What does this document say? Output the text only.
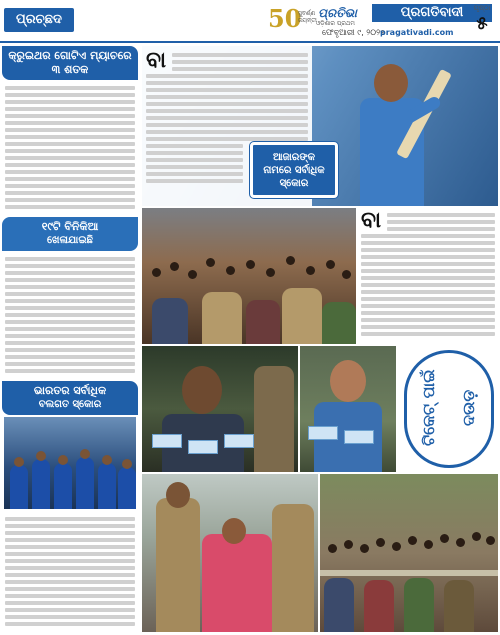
ପ୍ରଚ୍ଛଦ	50
ସୁବର୍ଣ୍ଣ ଜୟନ୍ତୀ
ପ୍ରତିଭା
ଓଡ଼ିଶାର ପ୍ରଥମ
ପ୍ରଗତିବାଦୀ
ଫେବୃଆରୀ ୯, ୨୦୨୫
pragativadi.com
ପୃଷ୍ଠା
୫
କ୍ରୁଇଥର ଗୋଟିଏ ମ୍ୟାଚରେ ୩ ଶତକ
୧୯ଟି ବିନିକିଆ
ଖେଳାଯାଇଛି
ଭାରତର ସର୍ବାଧିକ
ବଲଗତ ସ୍କୋର
ବା
ଆଜାରଙ୍କ
ନାମରେ ସର୍ବାଧିକ
ସ୍କୋର
ବା
ଟିକେଟ୍ ପାଇଁ ଦଉଡ଼
